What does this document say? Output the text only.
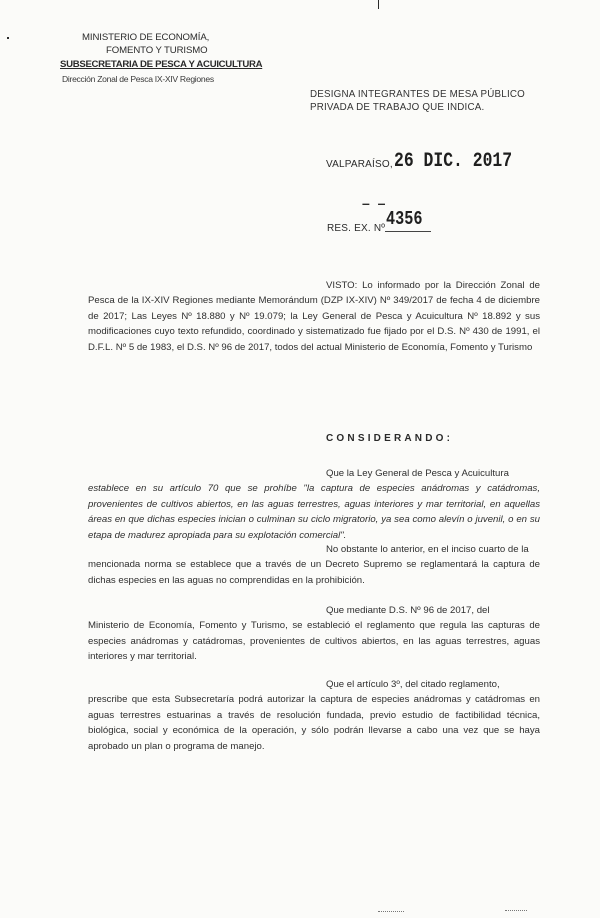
MINISTERIO DE ECONOMÍA,
FOMENTO Y TURISMO
SUBSECRETARIA DE PESCA Y ACUICULTURA
Dirección Zonal de Pesca IX-XIV Regiones
DESIGNA INTEGRANTES DE MESA PÚBLICO PRIVADA DE TRABAJO QUE INDICA.
VALPARAÍSO, 26 DIC. 2017
– –
RES. EX. Nº 4356
VISTO: Lo informado por la Dirección Zonal de Pesca de la IX-XIV Regiones mediante Memorándum (DZP IX-XIV) Nº 349/2017 de fecha 4 de diciembre de 2017; Las Leyes Nº 18.880 y Nº 19.079; la Ley General de Pesca y Acuicultura Nº 18.892 y sus modificaciones cuyo texto refundido, coordinado y sistematizado fue fijado por el D.S. Nº 430 de 1991, el D.F.L. Nº 5 de 1983, el D.S. Nº 96 de 2017, todos del actual Ministerio de Economía, Fomento y Turismo
CONSIDERANDO:
Que la Ley General de Pesca y Acuicultura
establece en su artículo 70 que se prohíbe "la captura de especies anádromas y catádromas, provenientes de cultivos abiertos, en las aguas terrestres, aguas interiores y mar territorial, en aquellas áreas en que dichas especies inician o culminan su ciclo migratorio, ya sea como alevín o juvenil, o en su etapa de madurez apropiada para su explotación comercial".
No obstante lo anterior, en el inciso cuarto de la
mencionada norma se establece que a través de un Decreto Supremo se reglamentará la captura de dichas especies en las aguas no comprendidas en la prohibición.
Que mediante D.S. Nº 96 de 2017, del
Ministerio de Economía, Fomento y Turismo, se estableció el reglamento que regula las capturas de especies anádromas y catádromas, provenientes de cultivos abiertos, en las aguas terrestres, aguas interiores y mar territorial.
Que el artículo 3º, del citado reglamento,
prescribe que esta Subsecretaría podrá autorizar la captura de especies anádromas y catádromas en aguas terrestres estuarinas a través de resolución fundada, previo estudio de factibilidad técnica, biológica, social y económica de la operación, y sólo podrán llevarse a cabo una vez que se haya aprobado un plan o programa de manejo.
